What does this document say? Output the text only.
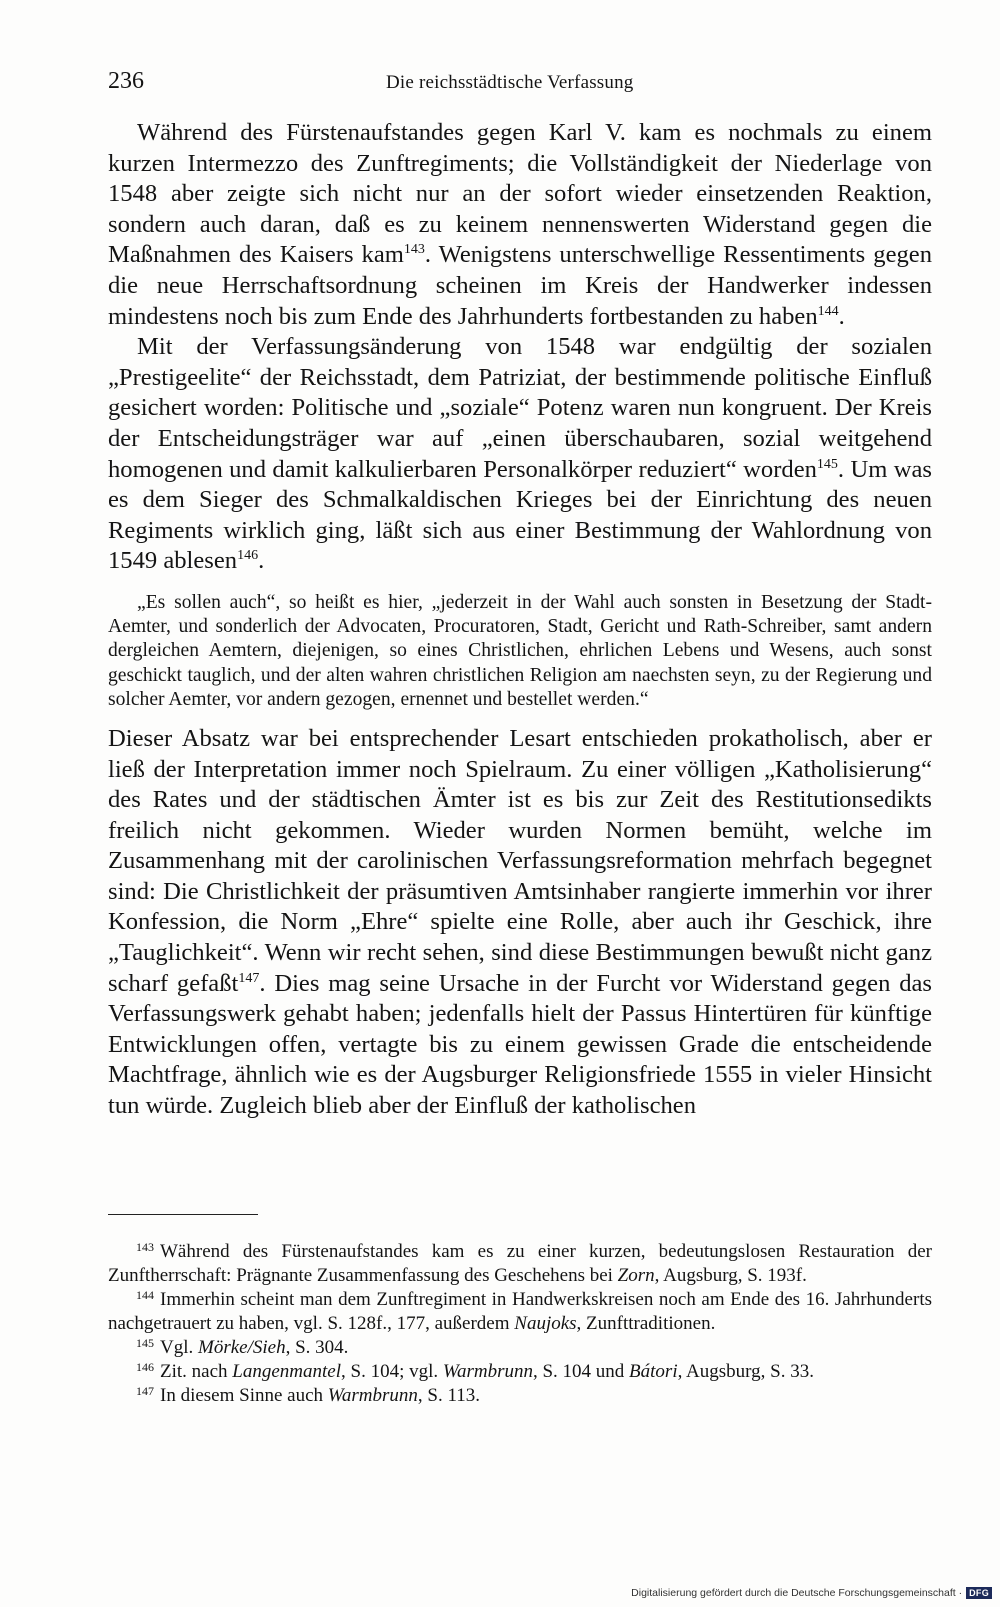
236	Die reichsstädtische Verfassung

Während des Fürstenaufstandes gegen Karl V. kam es nochmals zu einem kurzen Intermezzo des Zunftregiments; die Vollständigkeit der Niederlage von 1548 aber zeigte sich nicht nur an der sofort wieder einsetzenden Reaktion, sondern auch daran, daß es zu keinem nennenswerten Widerstand gegen die Maßnahmen des Kaisers kam$^{143}$. Wenigstens unterschwellige Ressentiments gegen die neue Herrschaftsordnung scheinen im Kreis der Handwerker indessen mindestens noch bis zum Ende des Jahrhunderts fortbestanden zu haben$^{144}$.

Mit der Verfassungsänderung von 1548 war endgültig der sozialen „Prestigeelite“ der Reichsstadt, dem Patriziat, der bestimmende politische Einfluß gesichert worden: Politische und „soziale“ Potenz waren nun kongruent. Der Kreis der Entscheidungsträger war auf „einen überschaubaren, sozial weitgehend homogenen und damit kalkulierbaren Personalkörper reduziert“ worden$^{145}$. Um was es dem Sieger des Schmalkaldischen Krieges bei der Einrichtung des neuen Regiments wirklich ging, läßt sich aus einer Bestimmung der Wahlordnung von 1549 ablesen$^{146}$.

„Es sollen auch“, so heißt es hier, „jederzeit in der Wahl auch sonsten in Besetzung der Stadt-Aemter, und sonderlich der Advocaten, Procuratoren, Stadt, Gericht und Rath-Schreiber, samt andern dergleichen Aemtern, diejenigen, so eines Christlichen, ehrlichen Lebens und Wesens, auch sonst geschickt tauglich, und der alten wahren christlichen Religion am naechsten seyn, zu der Regierung und solcher Aemter, vor andern gezogen, ernennet und bestellet werden.“

Dieser Absatz war bei entsprechender Lesart entschieden prokatholisch, aber er ließ der Interpretation immer noch Spielraum. Zu einer völligen „Katholisierung“ des Rates und der städtischen Ämter ist es bis zur Zeit des Restitutionsedikts freilich nicht gekommen. Wieder wurden Normen bemüht, welche im Zusammenhang mit der carolinischen Verfassungsreformation mehrfach begegnet sind: Die Christlichkeit der präsumtiven Amtsinhaber rangierte immerhin vor ihrer Konfession, die Norm „Ehre“ spielte eine Rolle, aber auch ihr Geschick, ihre „Tauglichkeit“. Wenn wir recht sehen, sind diese Bestimmungen bewußt nicht ganz scharf gefaßt$^{147}$. Dies mag seine Ursache in der Furcht vor Widerstand gegen das Verfassungswerk gehabt haben; jedenfalls hielt der Passus Hintertüren für künftige Entwicklungen offen, vertagte bis zu einem gewissen Grade die entscheidende Machtfrage, ähnlich wie es der Augsburger Religionsfriede 1555 in vieler Hinsicht tun würde. Zugleich blieb aber der Einfluß der katholischen

$^{143}$ Während des Fürstenaufstandes kam es zu einer kurzen, bedeutungslosen Restauration der Zunftherrschaft: Prägnante Zusammenfassung des Geschehens bei Zorn, Augsburg, S. 193f.

$^{144}$ Immerhin scheint man dem Zunftregiment in Handwerkskreisen noch am Ende des 16. Jahrhunderts nachgetrauert zu haben, vgl. S. 128f., 177, außerdem Naujoks, Zunfttraditionen.

$^{145}$ Vgl. Mörke/Sieh, S. 304.

$^{146}$ Zit. nach Langenmantel, S. 104; vgl. Warmbrunn, S. 104 und Bátori, Augsburg, S. 33.

$^{147}$ In diesem Sinne auch Warmbrunn, S. 113.

Digitalisierung gefördert durch die Deutsche Forschungsgemeinschaft · DFG
